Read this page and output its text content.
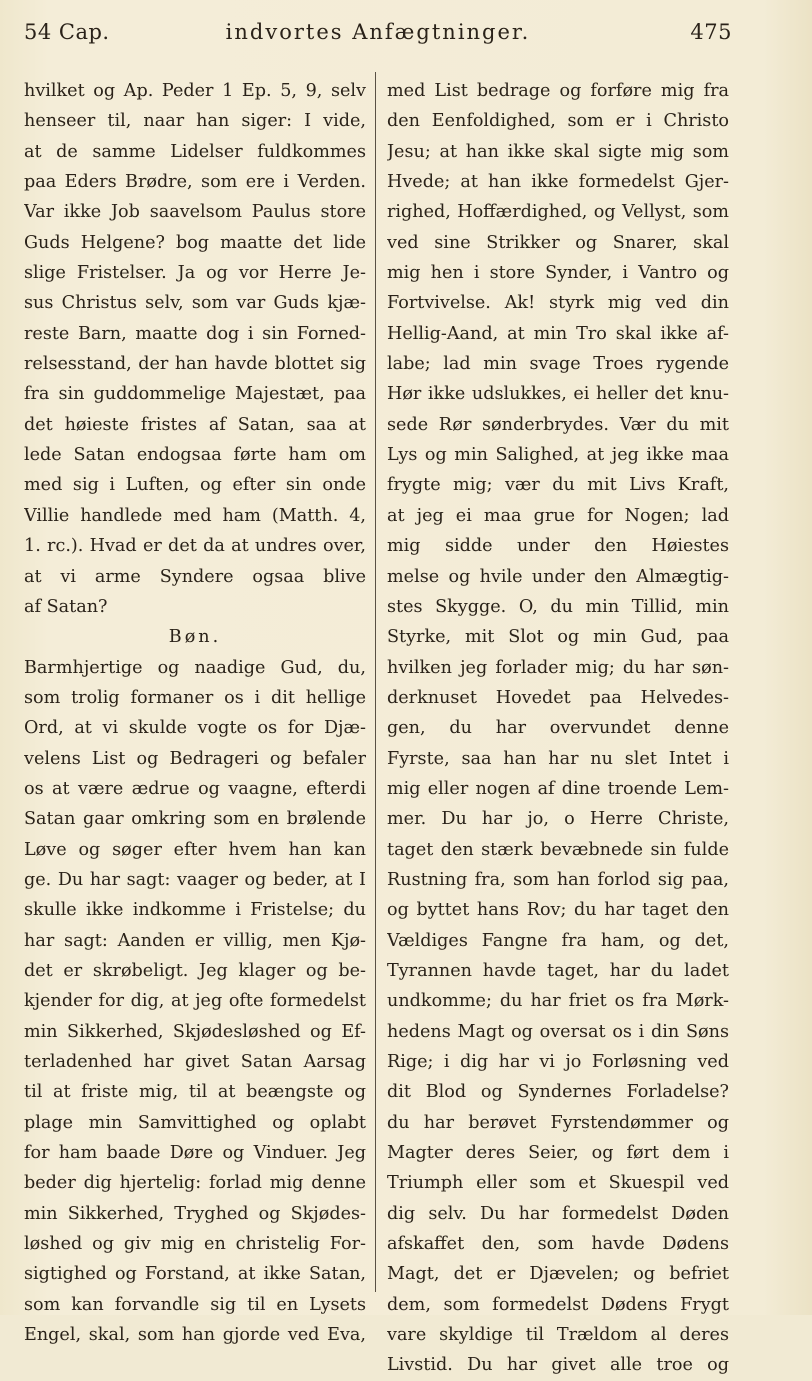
54 Cap.	indvortes Anfægtninger.	475
hvilket og Ap. Peder 1 Ep. 5, 9, selv
henseer til, naar han siger: I vide,
at de samme Lidelser fuldkommes
paa Eders Brødre, som ere i Verden.
Var ikke Job saavelsom Paulus store
Guds Helgene? bog maatte det lide
slige Fristelser. Ja og vor Herre Je-
sus Christus selv, som var Guds kjæ-
reste Barn, maatte dog i sin Forned-
relsesstand, der han havde blottet sig
fra sin guddommelige Majestæt, paa
det høieste fristes af Satan, saa at
lede Satan endogsaa førte ham om
med sig i Luften, og efter sin onde
Villie handlede med ham (Matth. 4,
1. rc.). Hvad er det da at undres over,
at vi arme Syndere ogsaa blive
af Satan?
Bøn.
Barmhjertige og naadige Gud, du,
som trolig formaner os i dit hellige
Ord, at vi skulde vogte os for Djæ-
velens List og Bedrageri og befaler
os at være ædrue og vaagne, efterdi
Satan gaar omkring som en brølende
Løve og søger efter hvem han kan
ge. Du har sagt: vaager og beder, at I
skulle ikke indkomme i Fristelse; du
har sagt: Aanden er villig, men Kjø-
det er skrøbeligt. Jeg klager og be-
kjender for dig, at jeg ofte formedelst
min Sikkerhed, Skjødesløshed og Ef-
terladenhed har givet Satan Aarsag
til at friste mig, til at beængste og
plage min Samvittighed og oplabt
for ham baade Døre og Vinduer. Jeg
beder dig hjertelig: forlad mig denne
min Sikkerhed, Tryghed og Skjødes-
løshed og giv mig en christelig For-
sigtighed og Forstand, at ikke Satan,
som kan forvandle sig til en Lysets
Engel, skal, som han gjorde ved Eva,
med List bedrage og forføre mig fra
den Eenfoldighed, som er i Christo
Jesu; at han ikke skal sigte mig som
Hvede; at han ikke formedelst Gjer-
righed, Hoffærdighed, og Vellyst, som
ved sine Strikker og Snarer, skal
mig hen i store Synder, i Vantro og
Fortvivelse. Ak! styrk mig ved din
Hellig-Aand, at min Tro skal ikke af-
labe; lad min svage Troes rygende
Hør ikke udslukkes, ei heller det knu-
sede Rør sønderbrydes. Vær du mit
Lys og min Salighed, at jeg ikke maa
frygte mig; vær du mit Livs Kraft,
at jeg ei maa grue for Nogen; lad
mig sidde under den Høiestes
melse og hvile under den Almægtig-
stes Skygge. O, du min Tillid, min
Styrke, mit Slot og min Gud, paa
hvilken jeg forlader mig; du har søn-
derknuset Hovedet paa Helvedes-
gen, du har overvundet denne
Fyrste, saa han har nu slet Intet i
mig eller nogen af dine troende Lem-
mer. Du har jo, o Herre Christe,
taget den stærk bevæbnede sin fulde
Rustning fra, som han forlod sig paa,
og byttet hans Rov; du har taget den
Vældiges Fangne fra ham, og det,
Tyrannen havde taget, har du ladet
undkomme; du har friet os fra Mørk-
hedens Magt og oversat os i din Søns
Rige; i dig har vi jo Forløsning ved
dit Blod og Syndernes Forladelse?
du har berøvet Fyrstendømmer og
Magter deres Seier, og ført dem i
Triumph eller som et Skuespil ved
dig selv. Du har formedelst Døden
afskaffet den, som havde Dødens
Magt, det er Djævelen; og befriet
dem, som formedelst Dødens Frygt
vare skyldige til Trældom al deres
Livstid. Du har givet alle troe og
